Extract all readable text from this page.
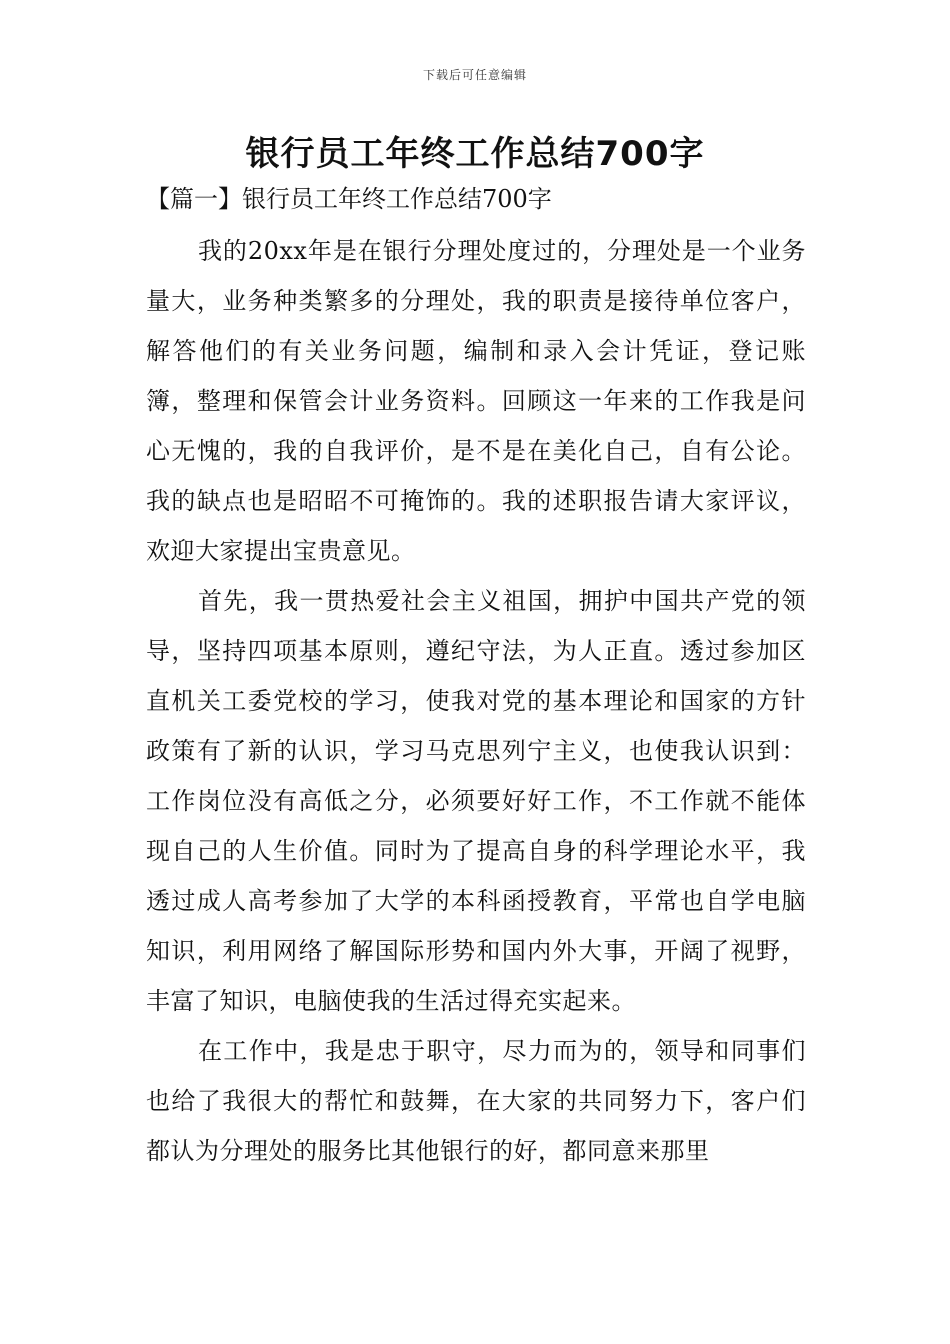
下载后可任意编辑
银行员工年终工作总结700字
【篇一】银行员工年终工作总结700字

我的20xx年是在银行分理处度过的，分理处是一个业务量大，业务种类繁多的分理处，我的职责是接待单位客户，解答他们的有关业务问题，编制和录入会计凭证，登记账簿，整理和保管会计业务资料。回顾这一年来的工作我是问心无愧的，我的自我评价，是不是在美化自己，自有公论。我的缺点也是昭昭不可掩饰的。我的述职报告请大家评议，欢迎大家提出宝贵意见。

首先，我一贯热爱社会主义祖国，拥护中国共产党的领导，坚持四项基本原则，遵纪守法，为人正直。透过参加区直机关工委党校的学习，使我对党的基本理论和国家的方针政策有了新的认识，学习马克思列宁主义，也使我认识到：工作岗位没有高低之分，必须要好好工作，不工作就不能体现自己的人生价值。同时为了提高自身的科学理论水平，我透过成人高考参加了大学的本科函授教育，平常也自学电脑知识，利用网络了解国际形势和国内外大事，开阔了视野，丰富了知识，电脑使我的生活过得充实起来。

在工作中，我是忠于职守，尽力而为的，领导和同事们也给了我很大的帮忙和鼓舞，在大家的共同努力下，客户们都认为分理处的服务比其他银行的好，都同意来那里
